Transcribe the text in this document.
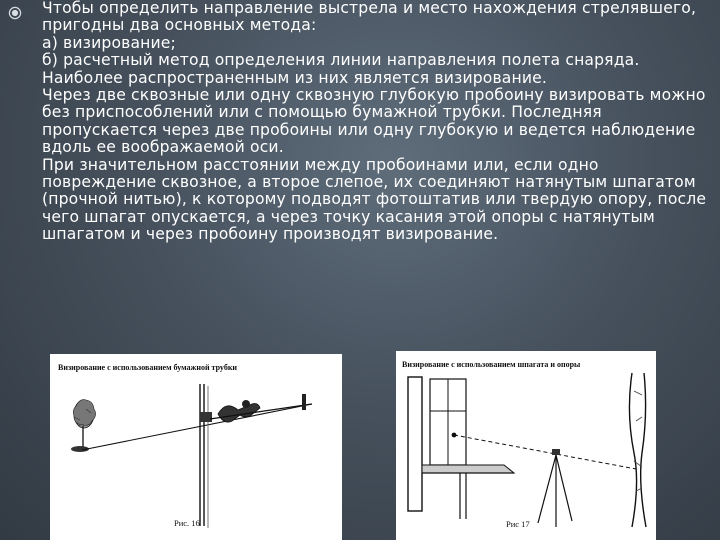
Чтобы определить направление выстрела и место нахождения стрелявшего, пригодны два основных метода:
а) визирование;
б) расчетный метод определения линии направления полета снаряда. Наиболее распространенным из них является визирование.
Через две сквозные или одну сквозную глубокую пробоину визировать можно без приспособлений или с помощью бумажной трубки. Последняя пропускается через две пробоины или одну глубокую и ведется наблюдение вдоль ее воображаемой оси.
При значительном расстоянии между пробоинами или, если одно повреждение сквозное, а второе слепое, их соединяют натянутым шпагатом (прочной нитью), к которому подводят фотоштатив или твердую опору, после чего шпагат опускается, а через точку касания этой опоры с натянутым шпагатом и через пробоину производят визирование.
Визирование с использованием бумажной трубки
Рис. 16
Визирование с использованием шпагата и опоры
Рис 17
